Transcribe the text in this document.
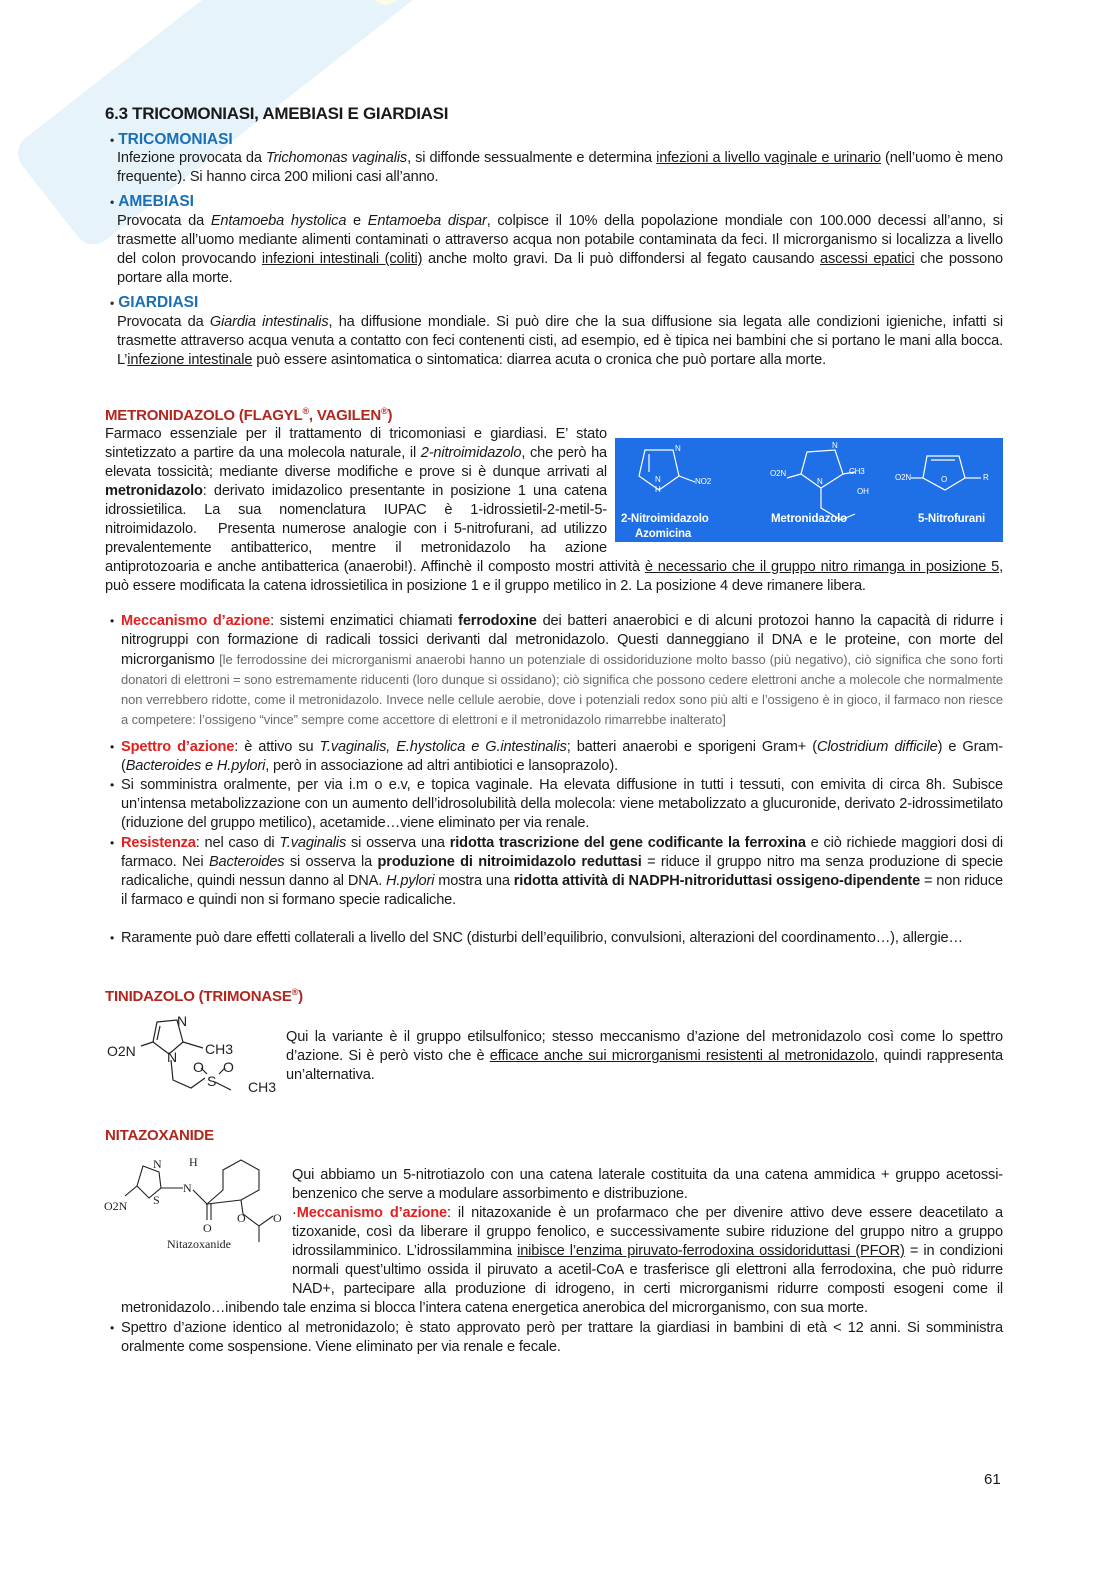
6.3 TRICOMONIASI, AMEBIASI E GIARDIASI
• TRICOMONIASI
Infezione provocata da Trichomonas vaginalis, si diffonde sessualmente e determina infezioni a livello vaginale e urinario (nell’uomo è meno frequente). Si hanno circa 200 milioni casi all’anno.
• AMEBIASI
Provocata da Entamoeba hystolica e Entamoeba dispar, colpisce il 10% della popolazione mondiale con 100.000 decessi all’anno, si trasmette all’uomo mediante alimenti contaminati o attraverso acqua non potabile contaminata da feci. Il microrganismo si localizza a livello del colon provocando infezioni intestinali (coliti) anche molto gravi. Da li può diffondersi al fegato causando ascessi epatici che possono portare alla morte.
• GIARDIASI
Provocata da Giardia intestinalis, ha diffusione mondiale. Si può dire che la sua diffusione sia legata alle condizioni igieniche, infatti si trasmette attraverso acqua venuta a contatto con feci contenenti cisti, ad esempio, ed è tipica nei bambini che si portano le mani alla bocca. L’infezione intestinale può essere asintomatica o sintomatica: diarrea acuta o cronica che può portare alla morte.
METRONIDAZOLO (FLAGYL®, VAGILEN®)
N
N
H
NO2
N
N
O2N	CH3
OH
O2N	O	R
2-Nitroimidazolo
Azomicina
Metronidazolo	5-Nitrofurani
Farmaco essenziale per il trattamento di tricomoniasi e giardiasi. E’ stato sintetizzato a partire da una molecola naturale, il 2-nitroimidazolo, che però ha elevata tossicità; mediante diverse modifiche e prove si è dunque arrivati al metronidazolo: derivato imidazolico presentante in posizione 1 una catena idrossietilica. La sua nomenclatura IUPAC è 1-idrossietil-2-metil-5-nitroimidazolo.   Presenta numerose analogie con i 5-nitrofurani, ad utilizzo prevalentemente antibatterico, mentre il metronidazolo ha azione antiprotozoaria e anche antibatterica (anaerobi!). Affinchè il composto mostri attività è necessario che il gruppo nitro rimanga in posizione 5, può essere modificata la catena idrossietilica in posizione 1 e il gruppo metilico in 2. La posizione 4 deve rimanere libera.
• Meccanismo d’azione: sistemi enzimatici chiamati ferrodoxine dei batteri anaerobici e di alcuni protozoi hanno la capacità di ridurre i nitrogruppi con formazione di radicali tossici derivanti dal metronidazolo. Questi danneggiano il DNA e le proteine, con morte del microrganismo [le ferrodossine dei microrganismi anaerobi hanno un potenziale di ossidoriduzione molto basso (più negativo), ciò significa che sono forti donatori di elettroni = sono estremamente riducenti (loro dunque si ossidano); ciò significa che possono cedere elettroni anche a molecole che normalmente non verrebbero ridotte, come il metronidazolo. Invece nelle cellule aerobie, dove i potenziali redox sono più alti e l’ossigeno è in gioco, il farmaco non riesce a competere: l’ossigeno “vince” sempre come accettore di elettroni e il metronidazolo rimarrebbe inalterato]
• Spettro d’azione: è attivo su T.vaginalis, E.hystolica e G.intestinalis; batteri anaerobi e sporigeni Gram+ (Clostridium difficile) e Gram- (Bacteroides e H.pylori, però in associazione ad altri antibiotici e lansoprazolo).
• Si somministra oralmente, per via i.m o e.v, e topica vaginale. Ha elevata diffusione in tutti i tessuti, con emivita di circa 8h. Subisce un’intensa metabolizzazione con un aumento dell’idrosolubilità della molecola: viene metabolizzato a glucuronide, derivato 2-idrossimetilato (riduzione del gruppo metilico), acetamide…viene eliminato per via renale.
• Resistenza: nel caso di T.vaginalis si osserva una ridotta trascrizione del gene codificante la ferroxina e ciò richiede maggiori dosi di farmaco. Nei Bacteroides si osserva la produzione di nitroimidazolo reduttasi = riduce il gruppo nitro ma senza produzione di specie radicaliche, quindi nessun danno al DNA. H.pylori mostra una ridotta attività di NADPH-nitroriduttasi ossigeno-dipendente = non riduce il farmaco e quindi non si formano specie radicaliche.
• Raramente può dare effetti collaterali a livello del SNC (disturbi dell’equilibrio, convulsioni, alterazioni del coordinamento…), allergie…
TINIDAZOLO (TRIMONASE®)
N
N
O2N	CH3
S
O O
CH3
Qui la variante è il gruppo etilsulfonico; stesso meccanismo d’azione del metronidazolo così come lo spettro d’azione. Si è però visto che è efficace anche sui microrganismi resistenti al metronidazolo, quindi rappresenta un’alternativa.
NITAZOXANIDE
N H
N
S
O2N
O
O O
Nitazoxanide

Qui abbiamo un 5-nitrotiazolo con una catena laterale costituita da una catena ammidica + gruppo acetossi-benzenico che serve a modulare assorbimento e distribuzione.
·Meccanismo d’azione: il nitazoxanide è un profarmaco che per divenire attivo deve essere deacetilato a tizoxanide, così da liberare il gruppo fenolico, e successivamente subire riduzione del gruppo nitro a gruppo idrossilamminico. L’idrossilammina inibisce l’enzima piruvato-ferrodoxina ossidoriduttasi (PFOR) = in condizioni normali quest’ultimo ossida il piruvato a acetil-CoA e trasferisce gli elettroni alla ferrodoxina, che può ridurre NAD+, partecipare alla produzione di idrogeno, in certi microrganismi ridurre composti esogeni come il metronidazolo…inibendo tale enzima si blocca l’intera catena energetica anerobica del microrganismo, con sua morte.

• Spettro d’azione identico al metronidazolo; è stato approvato però per trattare la giardiasi in bambini di età < 12 anni. Si somministra oralmente come sospensione. Viene eliminato per via renale e fecale.
61
